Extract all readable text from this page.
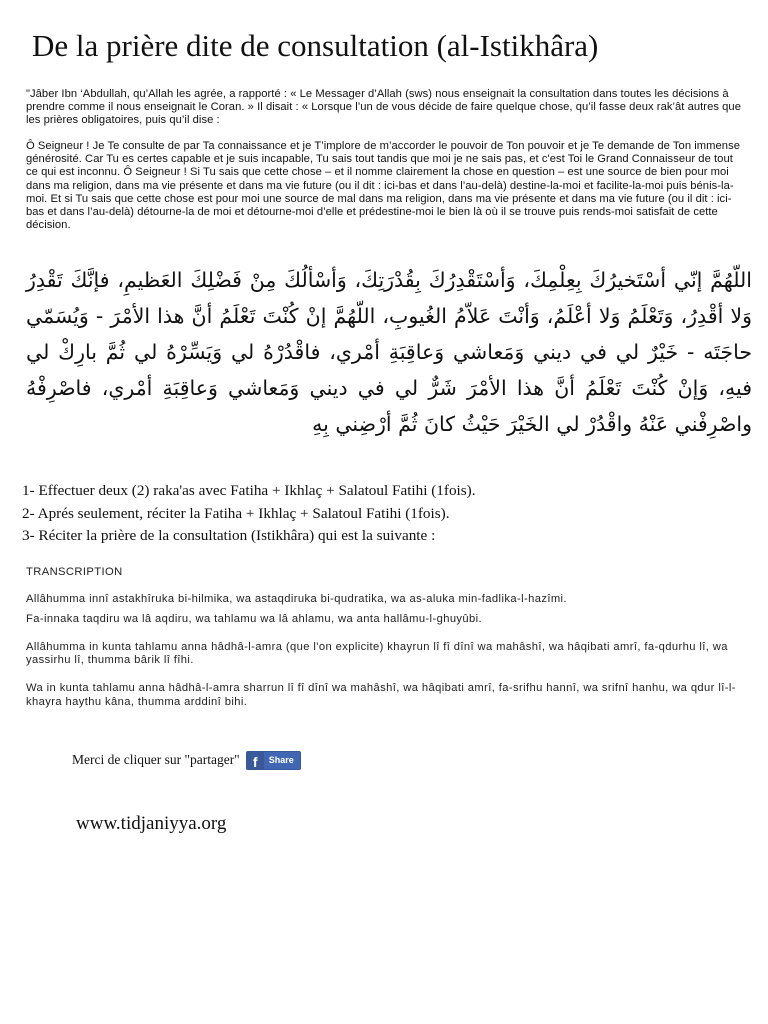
De la prière dite de consultation (al-Istikhâra)

"Jâber Ibn ‘Abdullah, qu’Allah les agrée, a rapporté : « Le Messager d’Allah (sws) nous enseignait la consultation dans toutes les décisions à prendre comme il nous enseignait le Coran. » Il disait : « Lorsque l’un de vous décide de faire quelque chose, qu’il fasse deux rak’ât autres que les prières obligatoires, puis qu’il dise :

Ô Seigneur ! Je Te consulte de par Ta connaissance et je T’implore de m’accorder le pouvoir de Ton pouvoir et je Te demande de Ton immense générosité. Car Tu es certes capable et je suis incapable, Tu sais tout tandis que moi je ne sais pas, et c'est Toi le Grand Connaisseur de tout ce qui est inconnu. Ô Seigneur ! Si Tu sais que cette chose – et il nomme clairement la chose en question – est une source de bien pour moi dans ma religion, dans ma vie présente et dans ma vie future (ou il dit : ici-bas et dans l’au-delà) destine-la-moi et facilite-la-moi puis bénis-la-moi. Et si Tu sais que cette chose est pour moi une source de mal dans ma religion, dans ma vie présente et dans ma vie future (ou il dit : ici-bas et dans l’au-delà) détourne-la de moi et détourne-moi d’elle et prédestine-moi le bien là où il se trouve puis rends-moi satisfait de cette décision.

اللّهُمَّ إنّي أسْتَخيرُكَ بِعِلْمِكَ، وَأسْتَقْدِرُكَ بِقُدْرَتِكَ، وَأسْألُكَ مِنْ فَضْلِكَ العَظيمِ، فإنَّكَ تَقْدِرُ وَلا أقْدِرُ، وَتَعْلَمُ وَلا أعْلَمُ، وَأنْتَ عَلاّمُ الغُيوبِ، اللّهُمَّ إنْ كُنْتَ تَعْلَمُ أنَّ هذا الأمْرَ - وَيُسَمّي حاجَتَه - خَيْرٌ لي في ديني وَمَعاشي وَعاقِبَةِ أمْري، فاقْدُرْهُ لي وَيَسِّرْهُ لي ثُمَّ بارِكْ لي فيهِ، وَإنْ كُنْتَ تَعْلَمُ أنَّ هذا الأمْرَ شَرٌّ لي في ديني وَمَعاشي وَعاقِبَةِ أمْري، فاصْرِفْهُ واصْرِفْني عَنْهُ واقْدُرْ لي الخَيْرَ حَيْثُ كانَ ثُمَّ أرْضِني بِهِ
1- Effectuer deux (2) raka'as avec Fatiha + Ikhlaç + Salatoul Fatihi (1fois).
2- Aprés seulement, réciter la Fatiha + Ikhlaç + Salatoul Fatihi (1fois).
3- Réciter la prière de la consultation (Istikhâra) qui est la suivante :

TRANSCRIPTION

Allâhumma innî astakhîruka bi-hilmika, wa astaqdiruka bi-qudratika, wa as-aluka min-fadlika-l-hazîmi.

Fa-innaka taqdiru wa lâ aqdiru, wa tahlamu wa lâ ahlamu, wa anta hallâmu-l-ghuyûbi.

Allâhumma in kunta tahlamu anna hâdhâ-l-amra (que l'on explicite) khayrun lî fî dînî wa mahâshî, wa hâqibati amrî, fa-qdurhu lî, wa yassirhu lî, thumma bârik lî fîhi.

Wa in kunta tahlamu anna hâdhâ-l-amra sharrun lî fî dînî wa mahâshî, wa hâqibati amrî, fa-srifhu hannî, wa srifnî hanhu, wa qdur lî-l-khayra haythu kâna, thumma arddinî bihi.

Merci de cliquer sur "partager" f	Share
www.tidjaniyya.org
